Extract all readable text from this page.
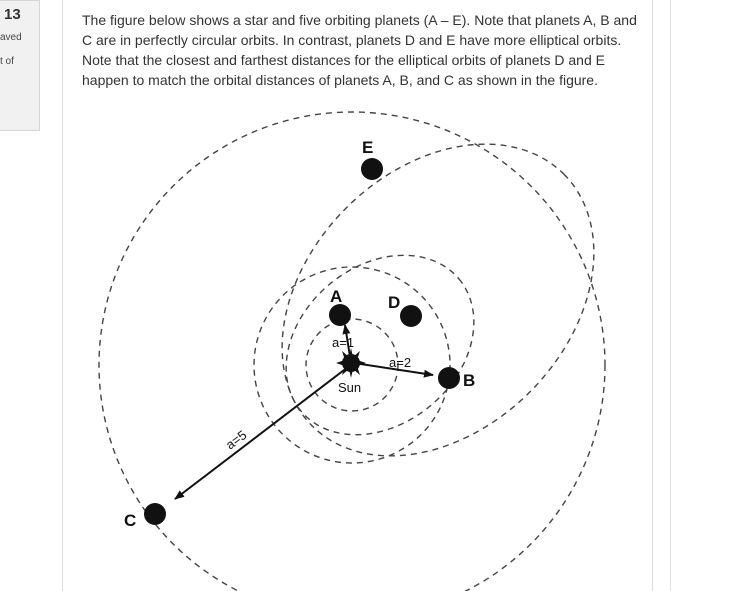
13
aved
t of

The figure below shows a star and five orbiting planets (A – E). Note that planets A, B and
C are in perfectly circular orbits. In contrast, planets D and E have more elliptical orbits.
Note that the closest and farthest distances for the elliptical orbits of planets D and E
happen to match the orbital distances of planets A, B, and C as shown in the figure.

Sun
A
B
C
D
E
a=1
a=2
a=5
